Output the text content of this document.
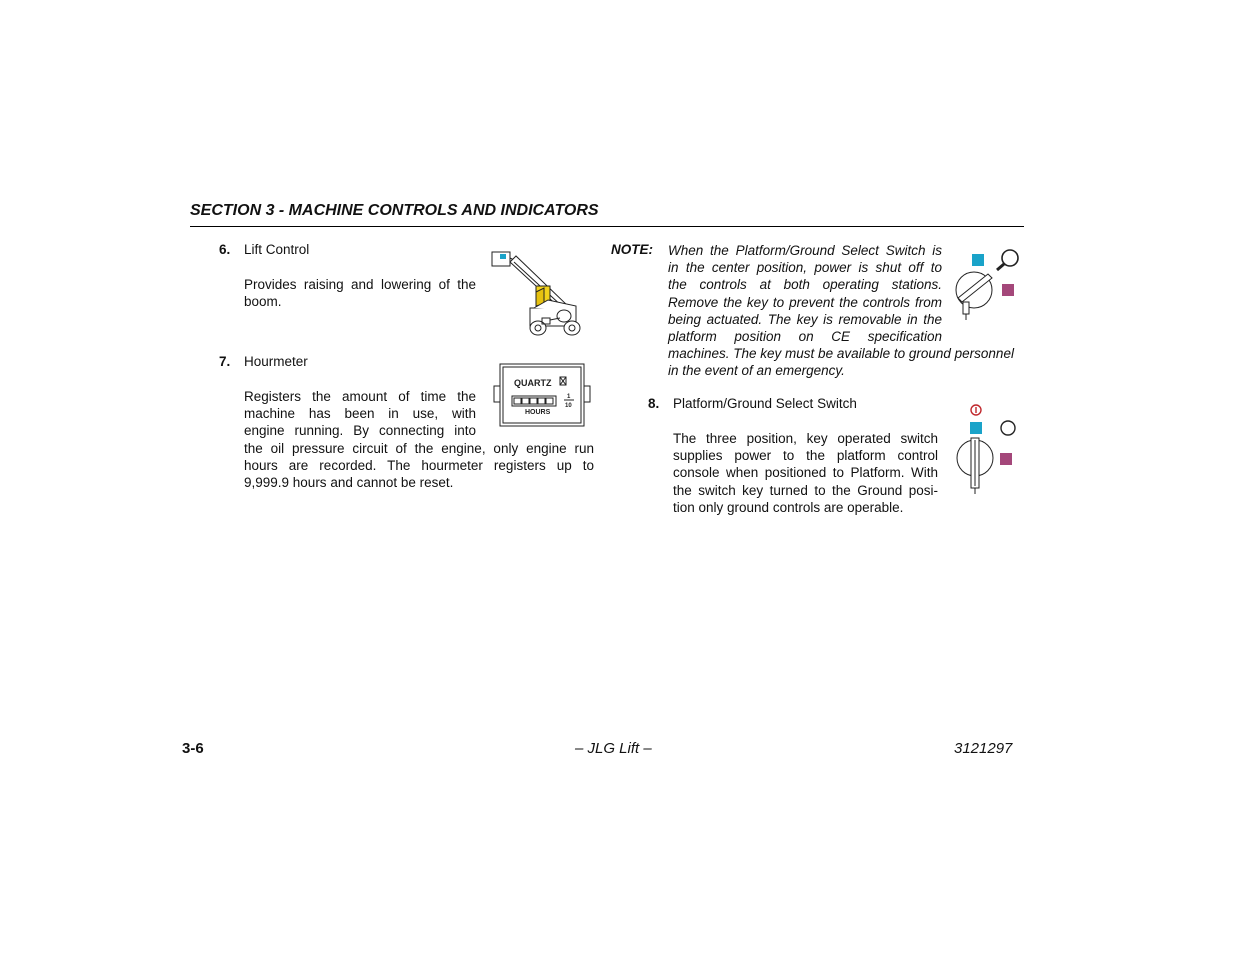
SECTION 3 - MACHINE CONTROLS AND INDICATORS
6. Lift Control
Provides raising and lowering of the
boom.
7. Hourmeter
Registers the amount of time the
machine has been in use, with
engine running. By connecting into
the oil pressure circuit of the engine, only engine run
hours are recorded. The hourmeter registers up to
9,999.9 hours and cannot be reset.
QUARTZ
HOURS
1
10
NOTE: When the Platform/Ground Select Switch is
in the center position, power is shut off to
the controls at both operating stations.
Remove the key to prevent the controls from
being actuated. The key is removable in the
platform position on CE specification
machines. The key must be available to ground personnel
in the event of an emergency.
8. Platform/Ground Select Switch
The three position, key operated switch
supplies power to the platform control
console when positioned to Platform. With
the switch key turned to the Ground posi-
tion only ground controls are operable.
3-6	– JLG Lift –	3121297
